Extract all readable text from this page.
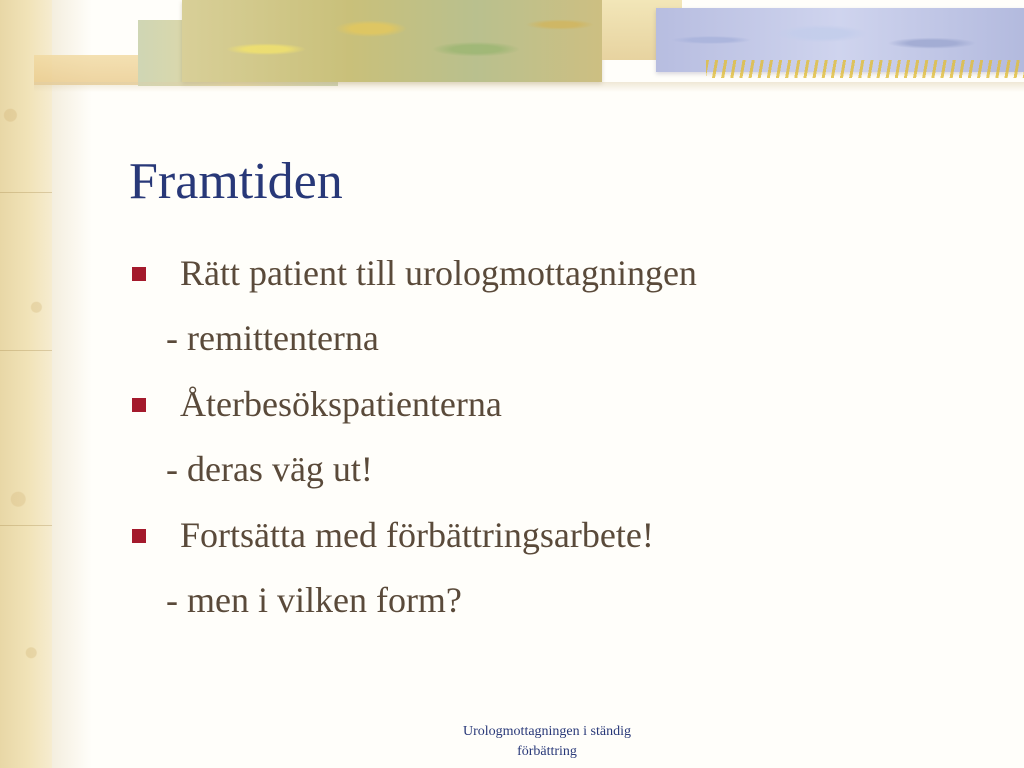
Framtiden
Rätt patient till urologmottagningen
- remittenterna
Återbesökspatienterna
- deras väg ut!
Fortsätta med förbättringsarbete!
- men i vilken form?
Urologmottagningen i ständig
förbättring
